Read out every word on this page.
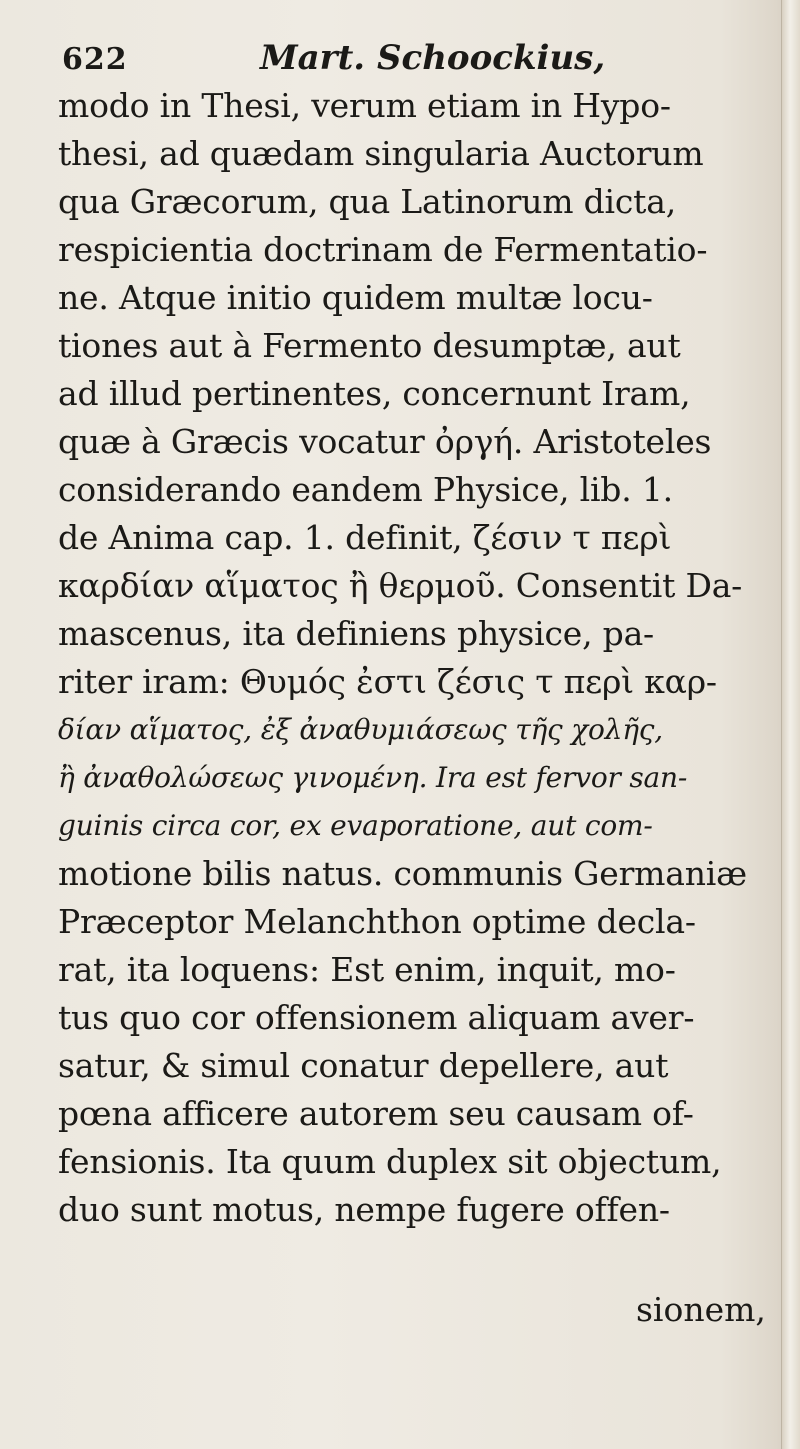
622	Mart. Schoockius,
modo in Thesi, verum etiam in Hypo-
thesi, ad quædam singularia Auctorum
qua Græcorum, qua Latinorum dicta,
respicientia doctrinam de Fermentatio-
ne. Atque initio quidem multæ locu-
tiones aut à Fermento desumptæ, aut
ad illud pertinentes, concernunt Iram,
quæ à Græcis vocatur ὀργή. Aristoteles
considerando eandem Physice, lib. 1.
de Anima cap. 1. definit, ζέσιν τ περὶ
καρδίαν αἵματος ἢ θερμοῦ. Consentit Da-
mascenus, ita definiens physice, pa-
riter iram: Θυμός ἐστι ζέσις τ περὶ καρ-
δίαν αἵματος, ἐξ ἀναθυμιάσεως τῆς χολῆς,
ἢ ἀναθολώσεως γινομένη. Ira est fervor san-
guinis circa cor, ex evaporatione, aut com-
motione bilis natus. communis Germaniæ
Præceptor Melanchthon optime decla-
rat, ita loquens: Est enim, inquit, mo-
tus quo cor offensionem aliquam aver-
satur, & simul conatur depellere, aut
pœna afficere autorem seu causam of-
fensionis. Ita quum duplex sit objectum,
duo sunt motus, nempe fugere offen-
sionem,
